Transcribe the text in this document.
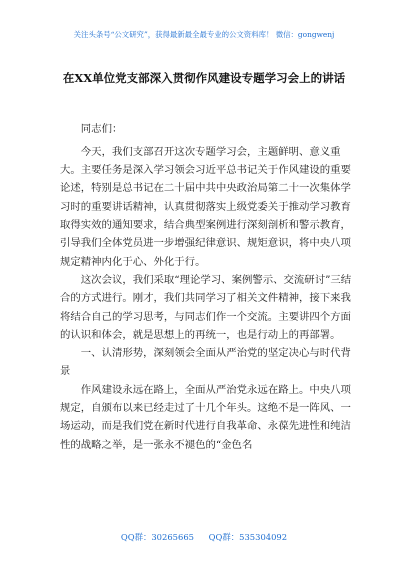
关注头条号“公文研究”，获得最新最全最专业的公文资料库！ 微信：gongwenj
在XX单位党支部深入贯彻作风建设专题学习会上的讲话

同志们：

今天，我们支部召开这次专题学习会，主题鲜明、意义重大。主要任务是深入学习领会习近平总书记关于作风建设的重要论述，特别是总书记在二十届中共中央政治局第二十一次集体学习时的重要讲话精神，认真贯彻落实上级党委关于推动学习教育取得实效的通知要求，结合典型案例进行深刻剖析和警示教育，引导我们全体党员进一步增强纪律意识、规矩意识，将中央八项规定精神内化于心、外化于行。

这次会议，我们采取“理论学习、案例警示、交流研讨”三结合的方式进行。刚才，我们共同学习了相关文件精神，接下来我将结合自己的学习思考，与同志们作一个交流。主要讲四个方面的认识和体会，就是思想上的再统一，也是行动上的再部署。

一、认清形势，深刻领会全面从严治党的坚定决心与时代背景

作风建设永远在路上，全面从严治党永远在路上。中央八项规定，自颁布以来已经走过了十几个年头。这绝不是一阵风、一场运动，而是我们党在新时代进行自我革命、永葆先进性和纯洁性的战略之举，是一张永不褪色的“金色名

QQ群：30265665 QQ群：535304092
